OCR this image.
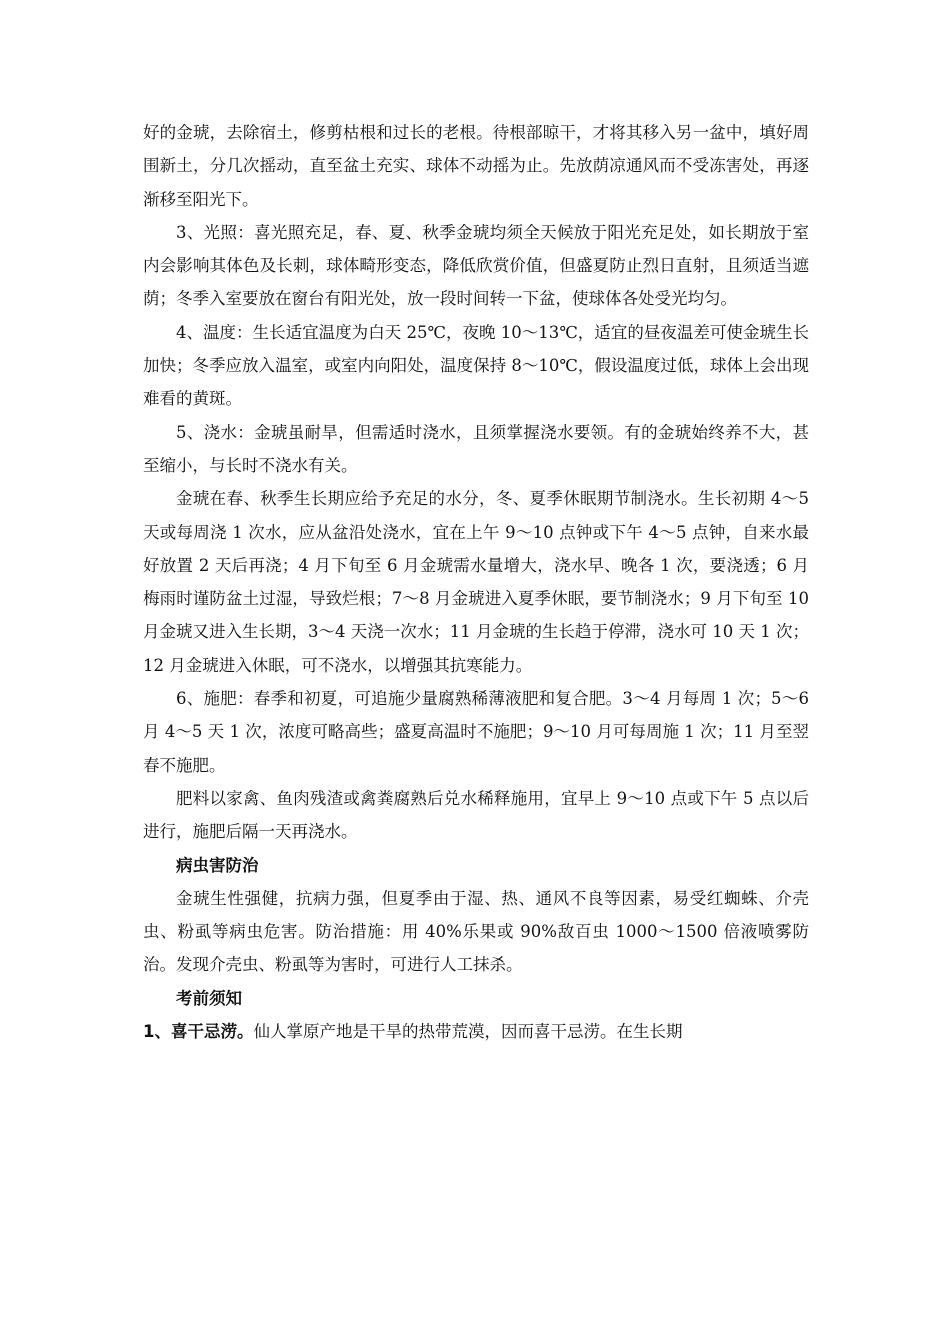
好的金琥，去除宿土，修剪枯根和过长的老根。待根部晾干，才将其移入另一盆中，填好周围新土，分几次摇动，直至盆土充实、球体不动摇为止。先放荫凉通风而不受冻害处，再逐渐移至阳光下。

3、光照：喜光照充足，春、夏、秋季金琥均须全天候放于阳光充足处，如长期放于室内会影响其体色及长刺，球体畸形变态，降低欣赏价值，但盛夏防止烈日直射，且须适当遮荫；冬季入室要放在窗台有阳光处，放一段时间转一下盆，使球体各处受光均匀。

4、温度：生长适宜温度为白天 25℃，夜晚 10～13℃，适宜的昼夜温差可使金琥生长加快；冬季应放入温室，或室内向阳处，温度保持 8～10℃，假设温度过低，球体上会出现难看的黄斑。

5、浇水：金琥虽耐旱，但需适时浇水，且须掌握浇水要领。有的金琥始终养不大，甚至缩小，与长时不浇水有关。

金琥在春、秋季生长期应给予充足的水分，冬、夏季休眠期节制浇水。生长初期 4～5 天或每周浇 1 次水，应从盆沿处浇水，宜在上午 9～10 点钟或下午 4～5 点钟，自来水最好放置 2 天后再浇；4 月下旬至 6 月金琥需水量增大，浇水早、晚各 1 次，要浇透；6 月梅雨时谨防盆土过湿，导致烂根；7～8 月金琥进入夏季休眠，要节制浇水；9 月下旬至 10 月金琥又进入生长期，3～4 天浇一次水；11 月金琥的生长趋于停滞，浇水可 10 天 1 次；12 月金琥进入休眠，可不浇水，以增强其抗寒能力。

6、施肥：春季和初夏，可追施少量腐熟稀薄液肥和复合肥。3～4 月每周 1 次；5～6 月 4～5 天 1 次，浓度可略高些；盛夏高温时不施肥；9～10 月可每周施 1 次；11 月至翌春不施肥。

肥料以家禽、鱼肉残渣或禽粪腐熟后兑水稀释施用，宜早上 9～10 点或下午 5 点以后进行，施肥后隔一天再浇水。

病虫害防治

金琥生性强健，抗病力强，但夏季由于湿、热、通风不良等因素，易受红蜘蛛、介壳虫、粉虱等病虫危害。防治措施：用 40%乐果或 90%敌百虫 1000～1500 倍液喷雾防治。发现介壳虫、粉虱等为害时，可进行人工抹杀。

考前须知

1、喜干忌涝。仙人掌原产地是干旱的热带荒漠，因而喜干忌涝。在生长期
